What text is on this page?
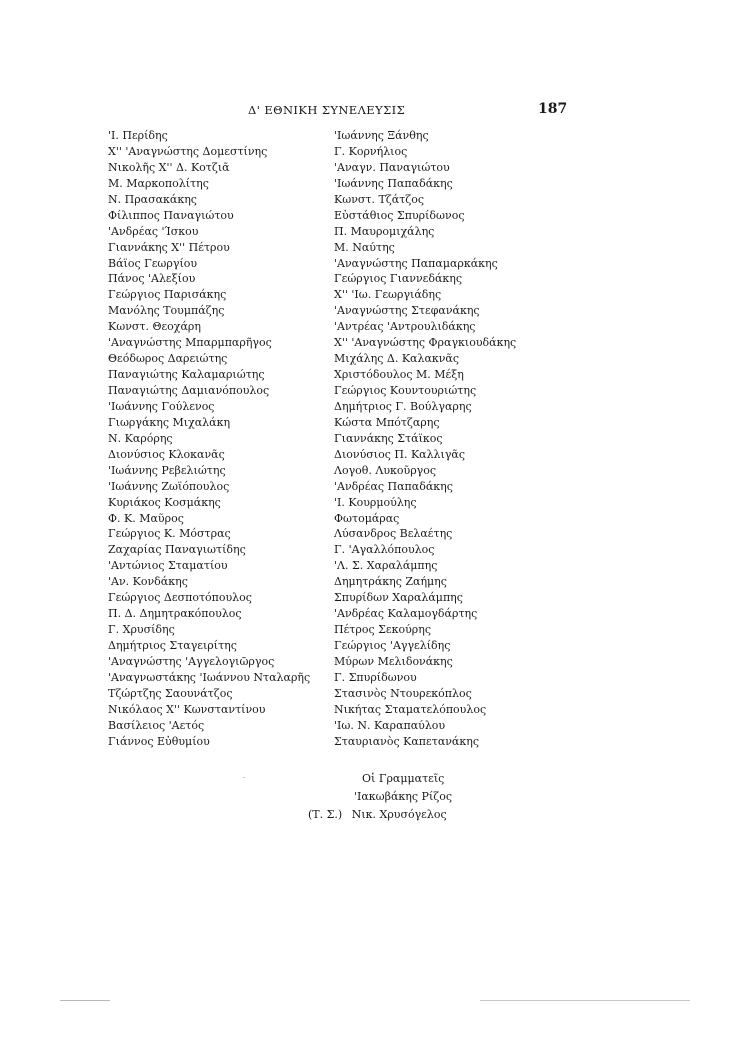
Δ' ΕΘΝΙΚΗ ΣΥΝΕΛΕΥΣΙΣ	187
'Ι. Περίδης
Χ'' 'Αναγνώστης Δομεστίνης
Νικολῆς Χ'' Δ. Κοτζιᾶ
Μ. Μαρκοπολίτης
Ν. Πρασακάκης
Φίλιππος Παναγιώτου
'Ανδρέας 'Ίσκου
Γιαννάκης Χ'' Πέτρου
Βάϊος Γεωργίου
Πάνος 'Αλεξίου
Γεώργιος Παρισάκης
Μανόλης Τουμπάζης
Κωνστ. Θεοχάρη
'Αναγνώστης Μπαρμπαρῆγος
Θεόδωρος Δαρειώτης
Παναγιώτης Καλαμαριώτης
Παναγιώτης Δαμιανόπουλος
'Ιωάννης Γούλενος
Γιωργάκης Μιχαλάκη
Ν. Καρόρης
Διονύσιος Κλοκανᾶς
'Ιωάννης Ρεβελιώτης
'Ιωάννης Ζωϊόπουλος
Κυριάκος Κοσμάκης
Φ. Κ. Μαῦρος
Γεώργιος Κ. Μόστρας
Ζαχαρίας Παναγιωτίδης
'Αντώνιος Σταματίου
'Αν. Κονδάκης
Γεώργιος Δεσποτόπουλος
Π. Δ. Δημητρακόπουλος
Γ. Χρυσίδης
Δημήτριος Σταγειρίτης
'Αναγνώστης 'Αγγελογιῶργος
'Αναγνωστάκης 'Ιωάννου Νταλαρῆς
Τζώρτζης Σαουνάτζος
Νικόλαος Χ'' Κωνσταντίνου
Βασίλειος 'Αετός
Γιάννος Εὐθυμίου
'Ιωάννης Ξάνθης
Γ. Κορνήλιος
'Αναγν. Παναγιώτου
'Ιωάννης Παπαδάκης
Κωνστ. Τζάτζος
Εὐστάθιος Σπυρίδωνος
Π. Μαυρομιχάλης
Μ. Ναύτης
'Αναγνώστης Παπαμαρκάκης
Γεώργιος Γιαννεδάκης
Χ'' 'Ιω. Γεωργιάδης
'Αναγνώστης Στεφανάκης
'Αντρέας 'Αντρουλιδάκης
Χ'' 'Αναγνώστης Φραγκιουδάκης
Μιχάλης Δ. Καλακνᾶς
Χριστόδουλος Μ. Μέξη
Γεώργιος Κουντουριώτης
Δημήτριος Γ. Βούλγαρης
Κώστα Μπότζαρης
Γιαννάκης Στάϊκος
Διονύσιος Π. Καλλιγᾶς
Λογοθ. Λυκοῦργος
'Ανδρέας Παπαδάκης
'Ι. Κουρμούλης
Φωτομάρας
Λύσανδρος Βελαέτης
Γ. 'Αγαλλόπουλος
'Λ. Σ. Χαραλάμπης
Δημητράκης Ζαήμης
Σπυρίδων Χαραλάμπης
'Ανδρέας Καλαμογδάρτης
Πέτρος Σεκούρης
Γεώργιος 'Αγγελίδης
Μύρων Μελιδονάκης
Γ. Σπυρίδωνου
Στασινὸς Ντουρεκόπλος
Νικήτας Σταματελόπουλος
'Ιω. Ν. Καραπαύλου
Σταυριανὸς Καπετανάκης
Οἱ Γραμματεῖς
'Ιακωβάκης Ρίζος
(Τ. Σ.) Νικ. Χρυσόγελος
